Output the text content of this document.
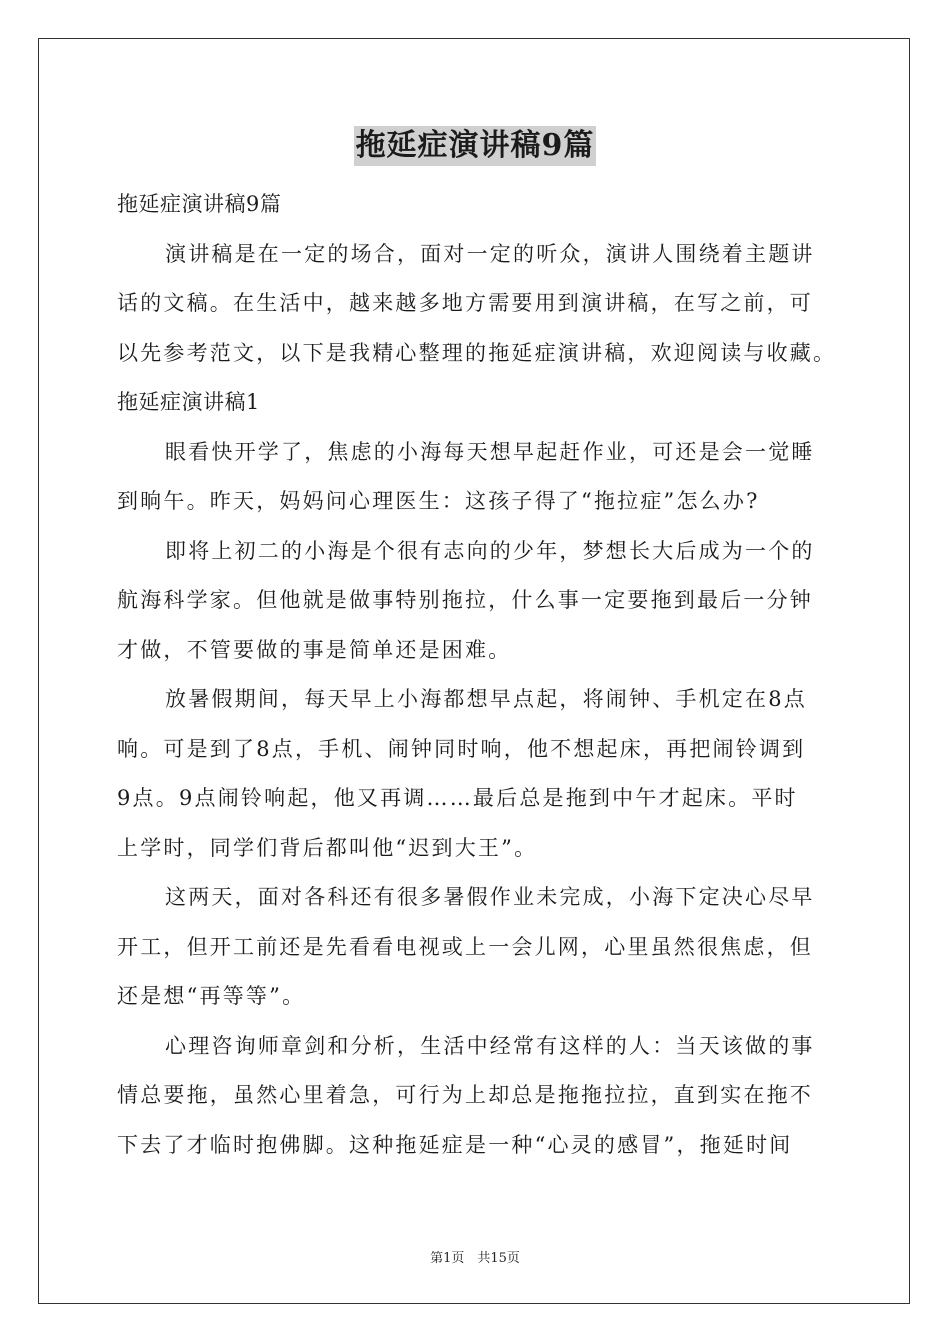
拖延症演讲稿9篇
拖延症演讲稿9篇
演讲稿是在一定的场合，面对一定的听众，演讲人围绕着主题讲
话的文稿。在生活中，越来越多地方需要用到演讲稿，在写之前，可
以先参考范文，以下是我精心整理的拖延症演讲稿，欢迎阅读与收藏。
拖延症演讲稿1
眼看快开学了，焦虑的小海每天想早起赶作业，可还是会一觉睡
到晌午。昨天，妈妈问心理医生：这孩子得了“拖拉症”怎么办?
即将上初二的小海是个很有志向的少年，梦想长大后成为一个的
航海科学家。但他就是做事特别拖拉，什么事一定要拖到最后一分钟
才做，不管要做的事是简单还是困难。
放暑假期间，每天早上小海都想早点起，将闹钟、手机定在8点
响。可是到了8点，手机、闹钟同时响，他不想起床，再把闹铃调到
9点。9点闹铃响起，他又再调……最后总是拖到中午才起床。平时
上学时，同学们背后都叫他“迟到大王”。
这两天，面对各科还有很多暑假作业未完成，小海下定决心尽早
开工，但开工前还是先看看电视或上一会儿网，心里虽然很焦虑，但
还是想“再等等”。
心理咨询师章剑和分析，生活中经常有这样的人：当天该做的事
情总要拖，虽然心里着急，可行为上却总是拖拖拉拉，直到实在拖不
下去了才临时抱佛脚。这种拖延症是一种“心灵的感冒”，拖延时间
第1页　共15页
